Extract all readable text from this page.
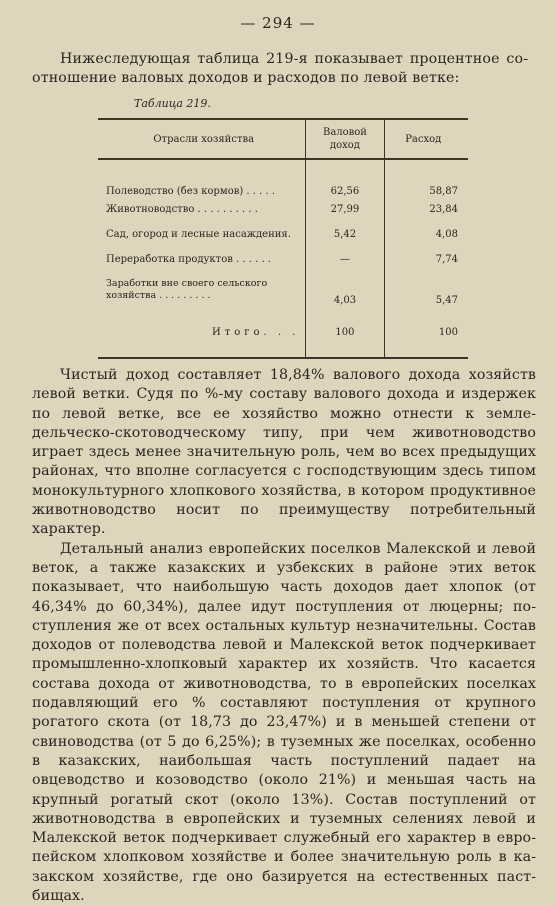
— 294 —

Нижеследующая таблица 219-я показывает процентное соотношение валовых доходов и расходов по левой ветке:

Таблица 219.
Отрасли хозяйства	Валовой доход	Расход
Полеводство (без кормов) . . . . .	62,56	58,87
Животноводство . . . . . . . . . .	27,99	23,84
Сад, огород и лесные насаждения.	5,42	4,08
Переработка продуктов . . . . . .	—	7,74
Заработки вне своего сельского хозяйства . . . . . . . . .	4,03	5,47
Итого. . .	100	100

Чистый доход составляет 18,84% валового дохода хозяйств левой ветки. Судя по %-му составу валового дохода и издержек по левой ветке, все ее хозяйство можно отнести к земледельческо-скотоводческому типу, при чем животноводство играет здесь менее значительную роль, чем во всех предыдущих районах, что вполне согласуется с господствующим здесь типом монокультурного хлопкового хозяйства, в котором продуктивное животноводство носит по преимуществу потребительный характер.

Детальный анализ европейских поселков Малекской и левой веток, а также казакских и узбекских в районе этих веток показывает, что наибольшую часть доходов дает хлопок (от 46,34% до 60,34%), далее идут поступления от люцерны; поступления же от всех остальных культур незначительны. Состав доходов от полеводства левой и Малекской веток подчеркивает промышленно-хлопковый характер их хозяйств. Что касается состава дохода от животноводства, то в европейских поселках подавляющий его % составляют поступления от крупного рогатого скота (от 18,73 до 23,47%) и в меньшей степени от свиноводства (от 5 до 6,25%); в туземных же поселках, особенно в казакских, наибольшая часть поступлений падает на овцеводство и козоводство (около 21%) и меньшая часть на крупный рогатый скот (около 13%). Состав поступлений от животноводства в европейских и туземных селениях левой и Малекской веток подчеркивает служебный его характер в европейском хлопковом хозяйстве и более значительную роль в казакском хозяйстве, где оно базируется на естественных пастбищах.
